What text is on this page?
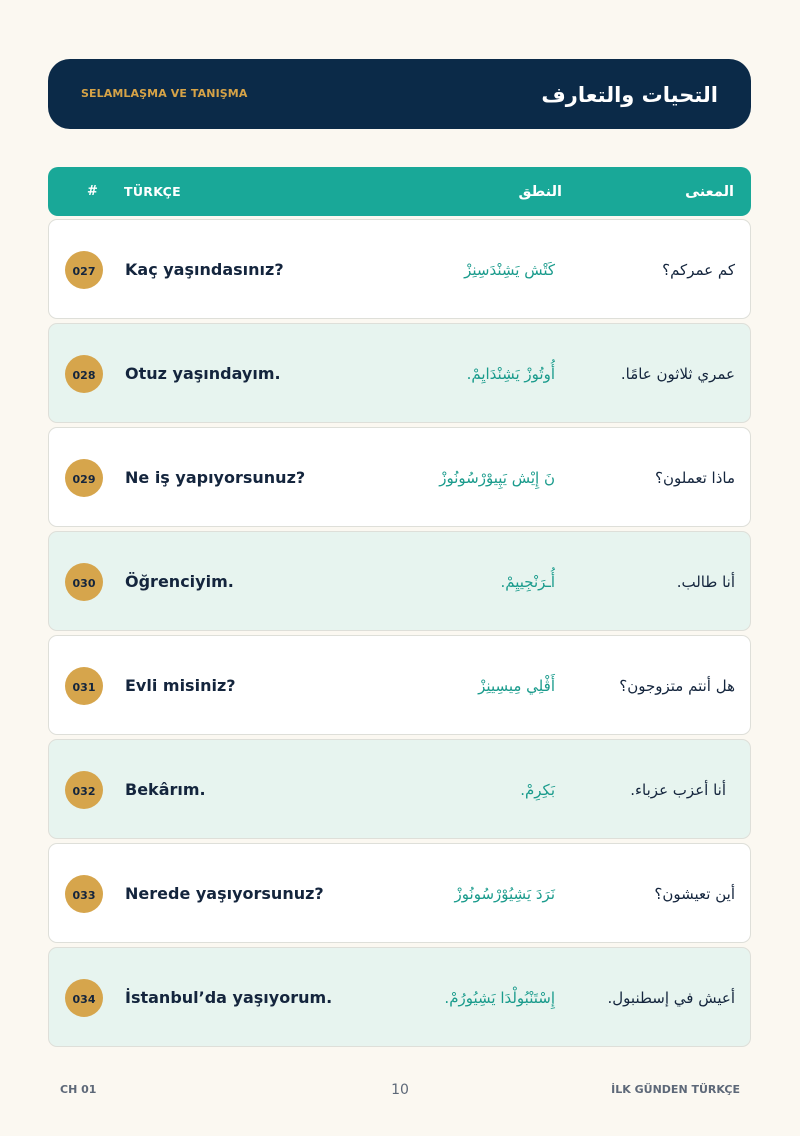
SELAMLAŞMA VE TANIŞMA	التحيات والتعارف
# TÜRKÇE	النطق	المعنى
027	Kaç yaşındasınız?	كَتْش يَشِنْدَسِنِزْ	كم عمركم؟
028	Otuz yaşındayım.	أُوتُوزْ يَشِنْدَايِمْ.	عمري ثلاثون عامًا.
029	Ne iş yapıyorsunuz?	نَ إِيْش يَپِيوْرْسُونُوزْ	ماذا تعملون؟
030	Öğrenciyim.	أُـرَنْجِييِمْ.	أنا طالب.
031	Evli misiniz?	أَڤْلِي مِيسِينِزْ	هل أنتم متزوجون؟
032	Bekârım.	بَكِرِمْ.	أنا أعزب عزباء.
033	Nerede yaşıyorsunuz?	نَرَدَ يَشِيُوْرْسُونُوزْ	أين تعيشون؟
034	İstanbul’da yaşıyorum.	إِسْتَنْبُولْدَا يَشِيُورُمْ.	أعيش في إسطنبول.
CH 01	10	İLK GÜNDEN TÜRKÇE
